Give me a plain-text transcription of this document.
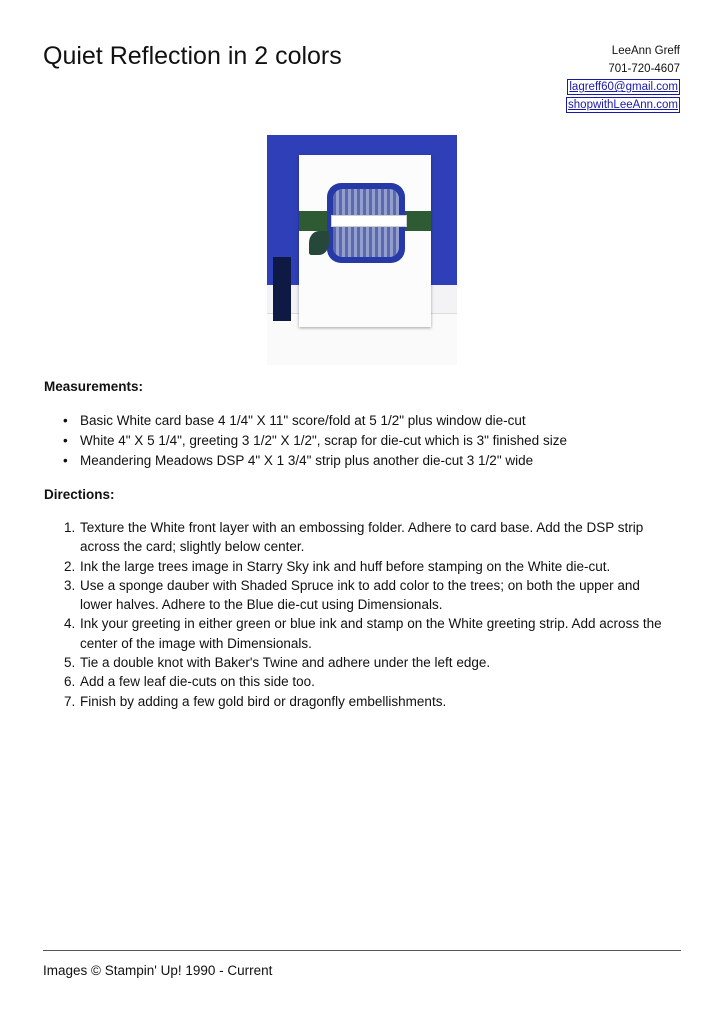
Quiet Reflection in 2 colors	LeeAnn Greff
701-720-4607
lagreff60@gmail.com
shopwithLeeAnn.com
Measurements:
• Basic White card base 4 1/4" X 11" score/fold at 5 1/2" plus window die-cut
• White 4" X 5 1/4", greeting 3 1/2" X 1/2", scrap for die-cut which is 3" finished size
• Meandering Meadows DSP 4" X 1 3/4" strip plus another die-cut 3 1/2" wide
Directions:
1. Texture the White front layer with an embossing folder. Adhere to card base. Add the DSP strip across the card; slightly below center.
2. Ink the large trees image in Starry Sky ink and huff before stamping on the White die-cut.
3. Use a sponge dauber with Shaded Spruce ink to add color to the trees; on both the upper and lower halves. Adhere to the Blue die-cut using Dimensionals.
4. Ink your greeting in either green or blue ink and stamp on the White greeting strip. Add across the center of the image with Dimensionals.
5. Tie a double knot with Baker's Twine and adhere under the left edge.
6. Add a few leaf die-cuts on this side too.
7. Finish by adding a few gold bird or dragonfly embellishments.
Images © Stampin' Up! 1990 - Current
